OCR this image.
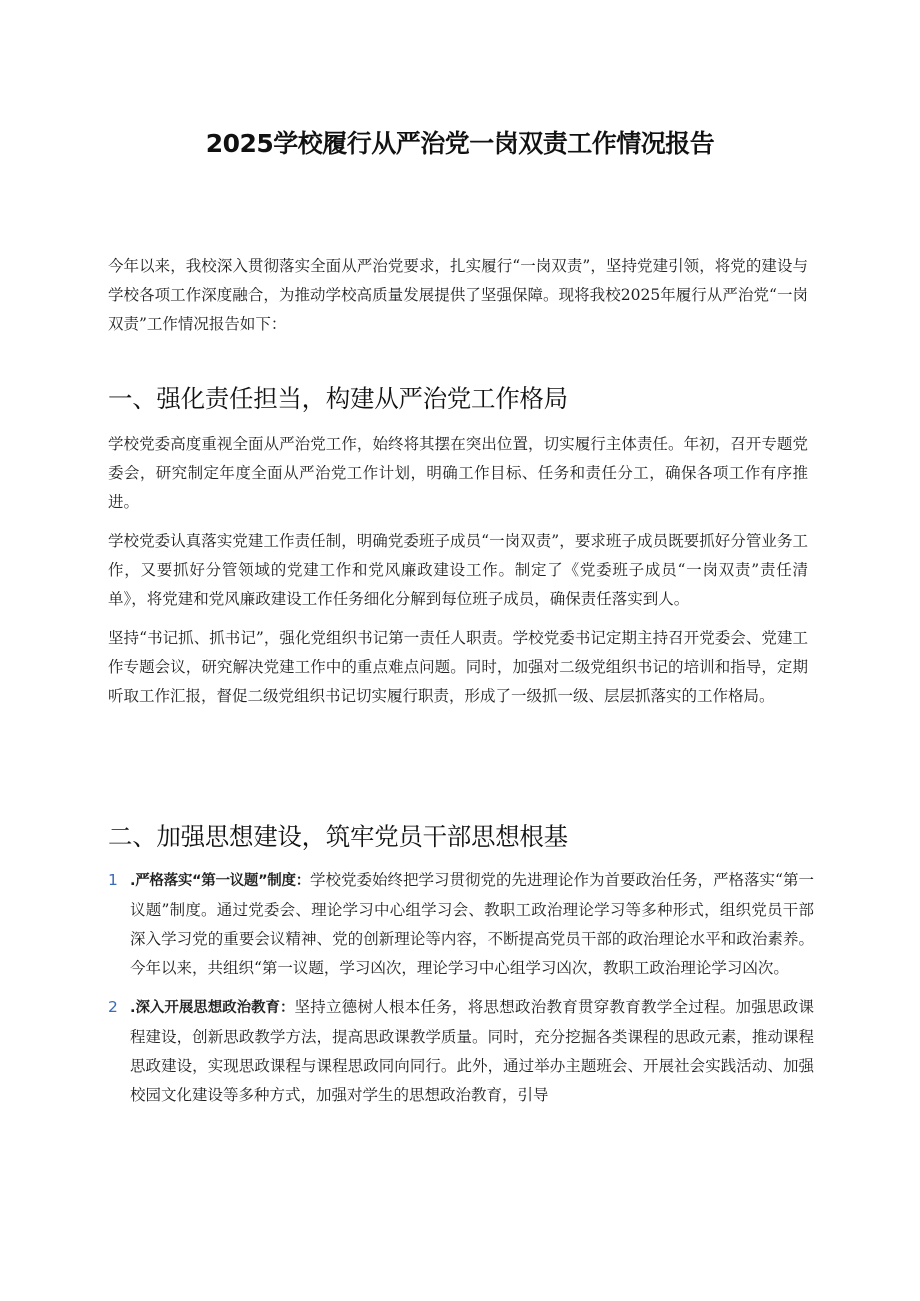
2025学校履行从严治党一岗双责工作情况报告

今年以来，我校深入贯彻落实全面从严治党要求，扎实履行“一岗双责”，坚持党建引领，将党的建设与学校各项工作深度融合，为推动学校高质量发展提供了坚强保障。现将我校2025年履行从严治党“一岗双责”工作情况报告如下：

一、强化责任担当，构建从严治党工作格局

学校党委高度重视全面从严治党工作，始终将其摆在突出位置，切实履行主体责任。年初，召开专题党委会，研究制定年度全面从严治党工作计划，明确工作目标、任务和责任分工，确保各项工作有序推进。

学校党委认真落实党建工作责任制，明确党委班子成员“一岗双责”，要求班子成员既要抓好分管业务工作，又要抓好分管领域的党建工作和党风廉政建设工作。制定了《党委班子成员“一岗双责”责任清单》，将党建和党风廉政建设工作任务细化分解到每位班子成员，确保责任落实到人。

坚持“书记抓、抓书记”，强化党组织书记第一责任人职责。学校党委书记定期主持召开党委会、党建工作专题会议，研究解决党建工作中的重点难点问题。同时，加强对二级党组织书记的培训和指导，定期听取工作汇报，督促二级党组织书记切实履行职责，形成了一级抓一级、层层抓落实的工作格局。

二、加强思想建设，筑牢党员干部思想根基
1 .严格落实“第一议题”制度：学校党委始终把学习贯彻党的先进理论作为首要政治任务，严格落实“第一议题”制度。通过党委会、理论学习中心组学习会、教职工政治理论学习等多种形式，组织党员干部深入学习党的重要会议精神、党的创新理论等内容，不断提高党员干部的政治理论水平和政治素养。今年以来，共组织“第一议题，学习凶次，理论学习中心组学习凶次，教职工政治理论学习凶次。

2 .深入开展思想政治教育：坚持立德树人根本任务，将思想政治教育贯穿教育教学全过程。加强思政课程建设，创新思政教学方法，提高思政课教学质量。同时，充分挖掘各类课程的思政元素，推动课程思政建设，实现思政课程与课程思政同向同行。此外，通过举办主题班会、开展社会实践活动、加强校园文化建设等多种方式，加强对学生的思想政治教育，引导
